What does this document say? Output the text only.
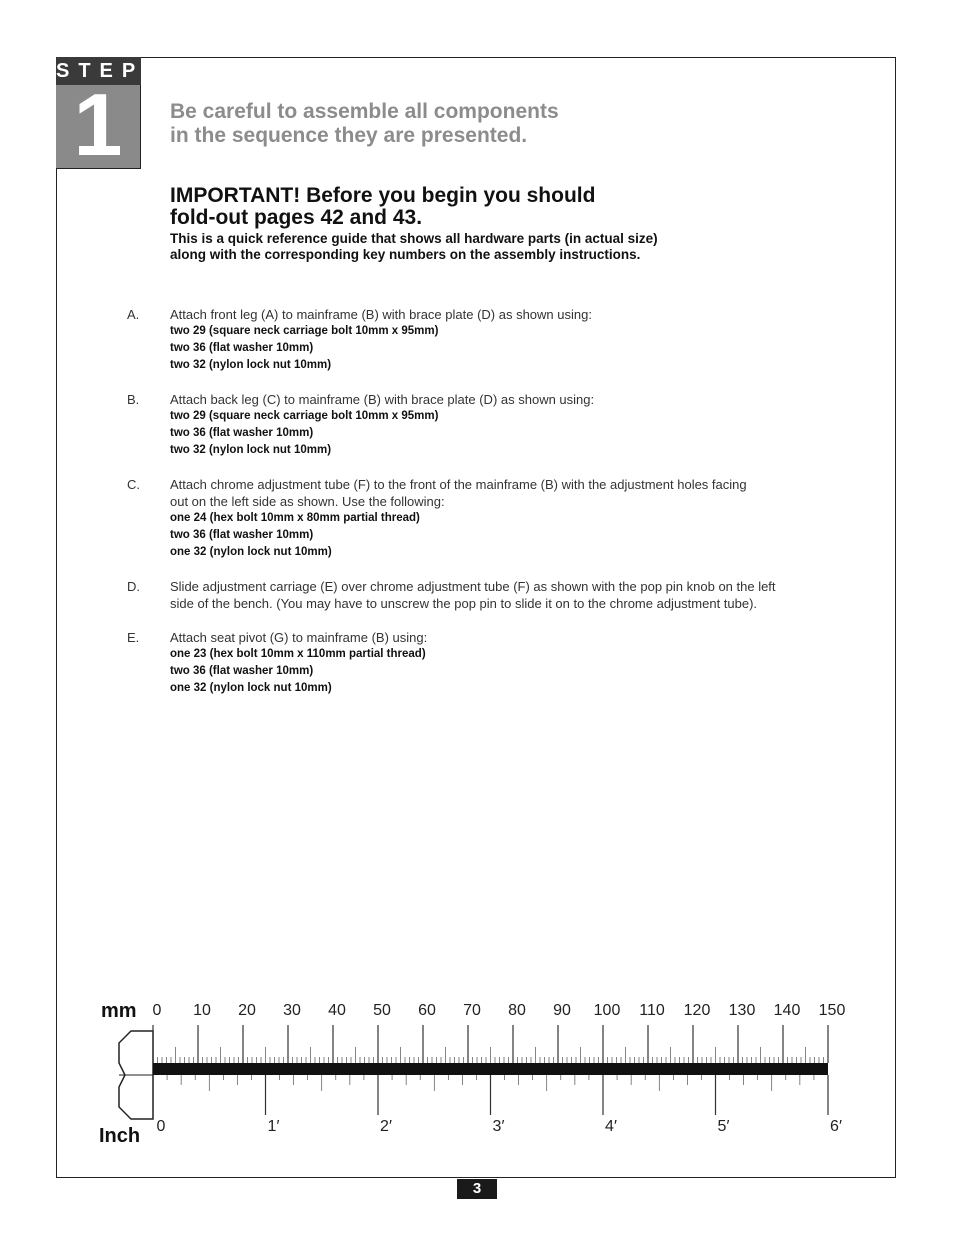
STEP
1	Be careful to assemble all components
in the sequence they are presented.
IMPORTANT! Before you begin you should
fold-out pages 42 and 43.

This is a quick reference guide that shows all hardware parts (in actual size)
along with the corresponding key numbers on the assembly instructions.

A. Attach front leg (A) to mainframe (B) with brace plate (D) as shown using:

two 29 (square neck carriage bolt 10mm x 95mm)

two 36 (flat washer 10mm)

two 32 (nylon lock nut 10mm)

B. Attach back leg (C) to mainframe (B) with brace plate (D) as shown using:

two 29 (square neck carriage bolt 10mm x 95mm)

two 36 (flat washer 10mm)

two 32 (nylon lock nut 10mm)

C. Attach chrome adjustment tube (F) to the front of the mainframe (B) with the adjustment holes facing

out on the left side as shown. Use the following:

one 24 (hex bolt 10mm x 80mm partial thread)

two 36 (flat washer 10mm)

one 32 (nylon lock nut 10mm)

D. Slide adjustment carriage (E) over chrome adjustment tube (F) as shown with the pop pin knob on the left

side of the bench. (You may have to unscrew the pop pin to slide it on to the chrome adjustment tube).

E. Attach seat pivot (G) to mainframe (B) using:

one 23 (hex bolt 10mm x 110mm partial thread)

two 36 (flat washer 10mm)

one 32 (nylon lock nut 10mm)

mm
Inch
0 10 20 30 40 50 60 70 80 90 100 110 120 130 140 150
0	1′	2′	3′	4′	5′	6′
3
